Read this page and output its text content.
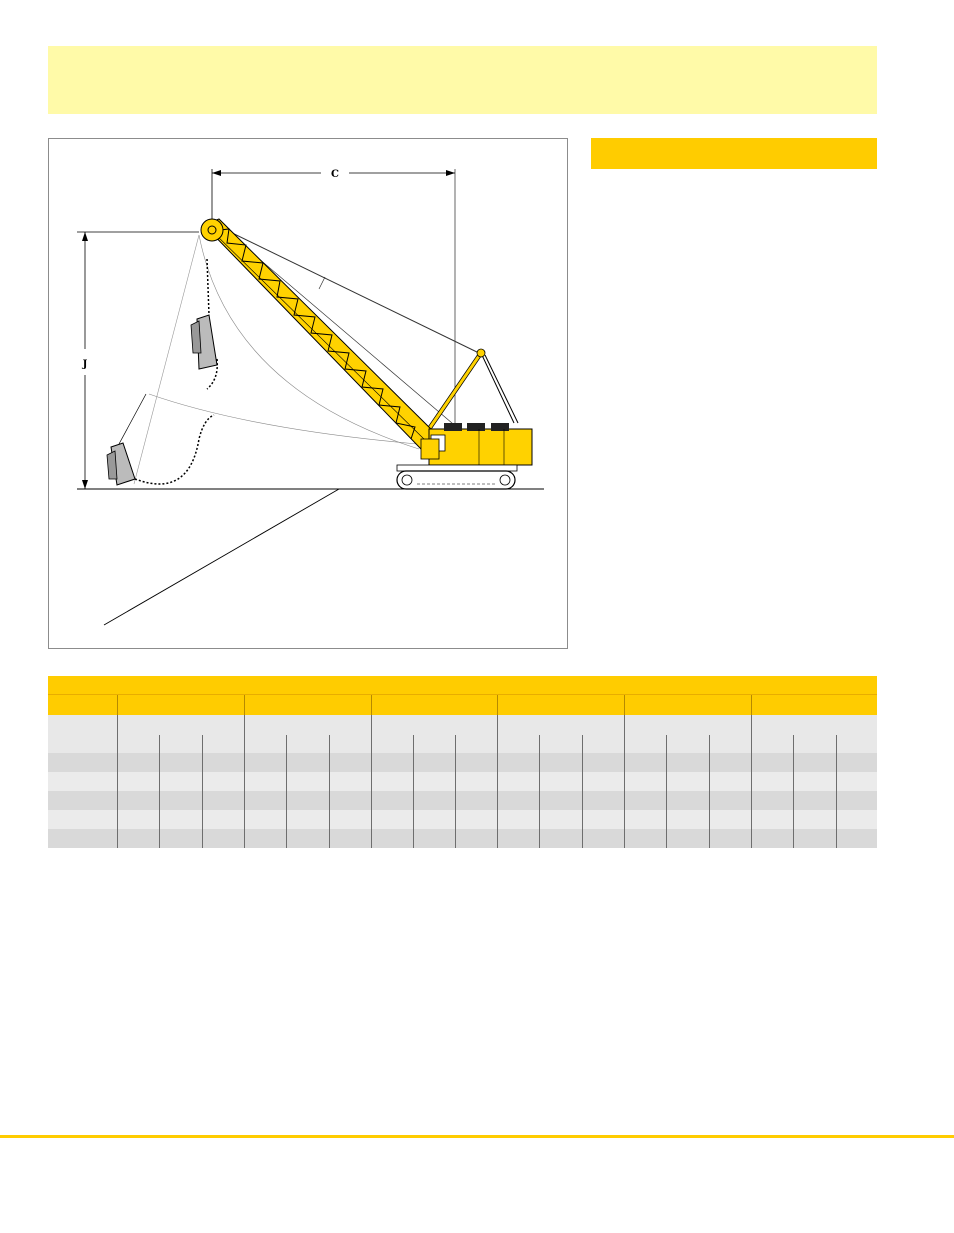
C
J
